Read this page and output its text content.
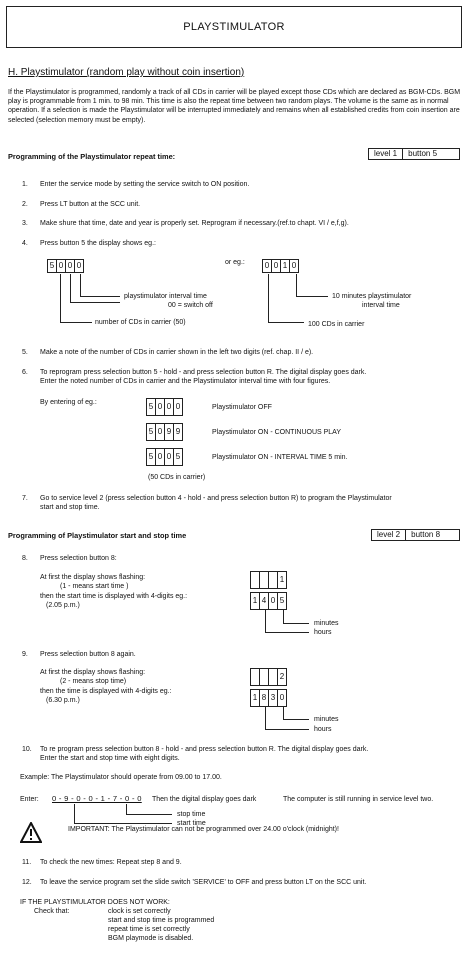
PLAYSTIMULATOR
H. Playstimulator (random play without coin insertion)
If the Playstimulator is programmed, randomly a track of all CDs in carrier will be played except those CDs which are declared as BGM-CDs. BGM play is programmable from 1 min. to 98 min. This time is also the repeat time between two random plays. The volume is the same as in normal operation. If a selection is made the Playstimulator will be interrupted immediately and remains when all established credits from coin insertion are selected (selection memory must be empty).
Programming of the Playstimulator repeat time:	level 1	button 5
1. Enter the service mode by setting the service switch to ON position.
2. Press LT button at the SCC unit.
3. Make shure that time, date and year is properly set. Reprogram if necessary.(ref.to chapt. VI / e,f,g).
4. Press button 5 the display shows eg.:
5 0 0 0
playstimulator interval time
00 = switch off
number of CDs in carrier (50)
or eg.:	0 0 1 0
10 minutes playstimulator
interval time
100 CDs in carrier
5. Make a note of the number of CDs in carrier shown in the left two digits (ref. chap. II / e).
6. To reprogram press selection button 5 - hold - and press selection button R. The digital display goes dark.
Enter the noted number of CDs in carrier and the Playstimulator interval time with four figures.
By entering of eg.:	5 0 0 0	Playstimulator OFF
5 0 9 9	Playstimulator ON - CONTINUOUS PLAY
5 0 0 5	Playstimulator ON - INTERVAL TIME 5 min.
(50 CDs in carrier)
7. Go to service level 2 (press selection button 4 - hold - and press selection button R) to program the Playstimulator
start and stop time.
Programming of Playstimulator start and stop time	level 2	button 8
8. Press selection button 8:
At first the display shows flashing:
(1 - means start time )
then the start time is displayed with 4-digits eg.:
(2.05 p.m.)
1
1 4 0 5
minutes
hours
9. Press selection button 8 again.
At first the display shows flashing:
(2 - means stop time)
then the time is displayed with 4-digits eg.:
(6.30 p.m.)
2
1 8 3 0
minutes
hours
10. To re program press selection button 8 - hold - and press selection button R. The digital display goes dark.
Enter the start and stop time with eight digits.
Example: The Playstimulator should operate from 09.00 to 17.00.
Enter: 0 - 9 - 0 - 0 - 1 - 7 - 0 - 0 Then the digital display goes dark	The computer is still running in service level two.
stop time
start time
IMPORTANT: The Playstimulator can not be programmed over 24.00 o'clock (midnight)!
11. To check the new times: Repeat step 8 and 9.
12. To leave the service program set the slide switch 'SERVICE' to OFF and press button LT on the SCC unit.
IF THE PLAYSTIMULATOR DOES NOT WORK:
Check that:	clock is set correctly
start and stop time is programmed
repeat time is set correctly
BGM playmode is disabled.
